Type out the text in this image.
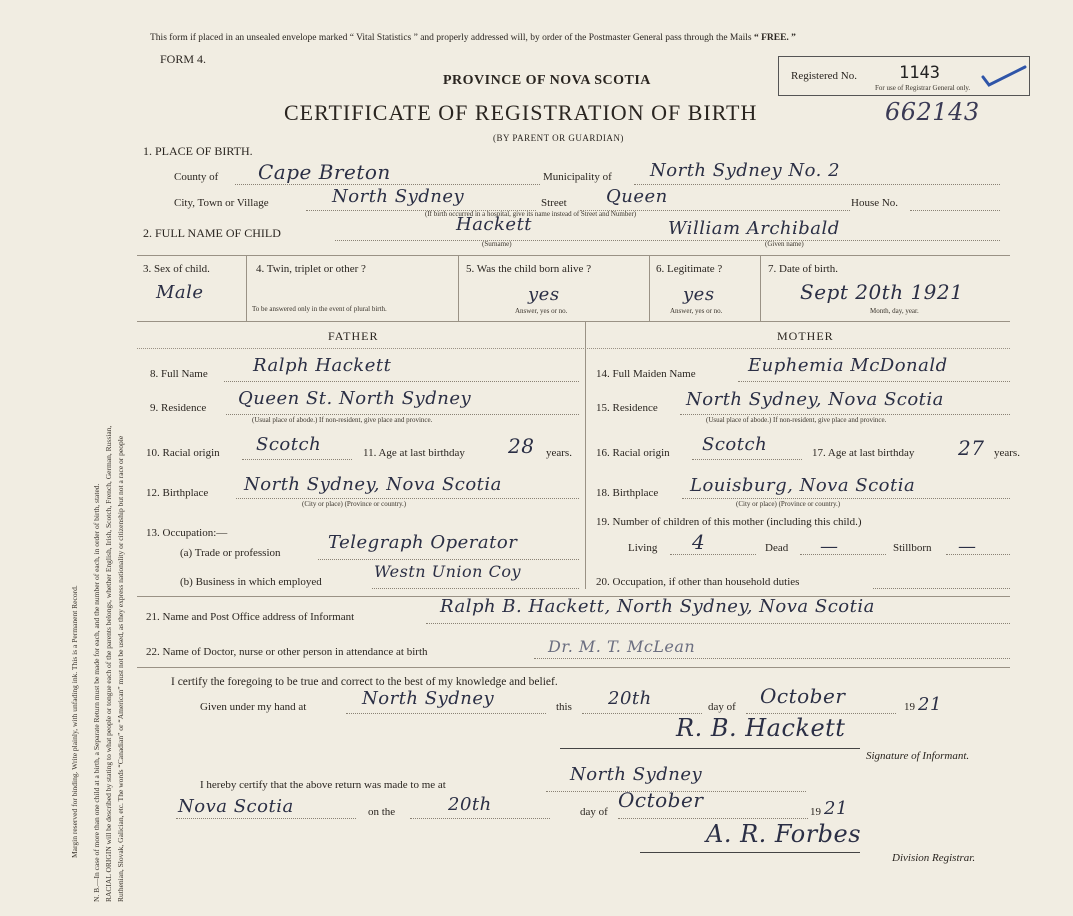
Margin reserved for binding. Write plainly, with unfading ink. This is a Permanent Record. N. B.—In case of more than one child at a birth, a Separate Return must be made for each, and the number of each, in order of birth, stated. RACIAL ORIGIN will be described by stating to what people or tongue each of the parents belongs, whether English, Irish, Scotch, French, German, Russian, Ruthenian, Slovak, Galician, etc. The words “Canadian” or “American” must not be used, as they express nationality or citizenship but not a race or people
This form if placed in an unsealed envelope marked “ Vital Statistics ” and properly addressed will, by order of the Postmaster General pass through the Mails “ FREE. ”
FORM 4.
PROVINCE OF NOVA SCOTIA
CERTIFICATE OF REGISTRATION OF BIRTH	662143
(BY PARENT OR GUARDIAN)
Registered No. 1143
For use of Registrar General only.
1. PLACE OF BIRTH.
County of Cape Breton	Municipality of North Sydney No. 2
City, Town or Village	North Sydney	Street Queen	House No.
(If birth occurred in a hospital, give its name instead of Street and Number)
2. FULL NAME OF CHILD	Hackett
(Surname)
William Archibald
(Given name)
3. Sex of child.
Male
4. Twin, triplet or other ?
To be answered only in the event of plural birth.
5. Was the child born alive ?
yes
Answer, yes or no.
6. Legitimate ?
yes
Answer, yes or no.
7. Date of birth.
Sept 20th 1921
Month, day, year.
FATHER	MOTHER
8. Full Name	Ralph Hackett
9. Residence Queen St. North Sydney
(Usual place of abode.) If non-resident, give place and province.
10. Racial origin Scotch	11. Age at last birthday 28 years.
12. Birthplace North Sydney, Nova Scotia
(City or place) (Province or country.)
13. Occupation:—
(a) Trade or profession	Telegraph Operator
(b) Business in which employed
Westn Union Coy
14. Full Maiden Name	Euphemia McDonald
15. Residence North Sydney, Nova Scotia
(Usual place of abode.) If non-resident, give place and province.
16. Racial origin Scotch	17. Age at last birthday 27 years.
18. Birthplace Louisburg, Nova Scotia
(City or place) (Province or country.)
19. Number of children of this mother (including this child.)
Living 4	Dead —	Stillborn —
20. Occupation, if other than household duties
21. Name and Post Office address of Informant	Ralph B. Hackett, North Sydney, Nova Scotia
22. Name of Doctor, nurse or other person in attendance at birth	Dr. M. T. McLean
I certify the foregoing to be true and correct to the best of my knowledge and belief.
Given under my hand at	North Sydney	this 20th	day of October	19 21
R. B. Hackett
Signature of Informant.
I hereby certify that the above return was made to me at	North Sydney
Nova Scotia	on the	20th	day of October	19 21
A. R. Forbes
Division Registrar.
